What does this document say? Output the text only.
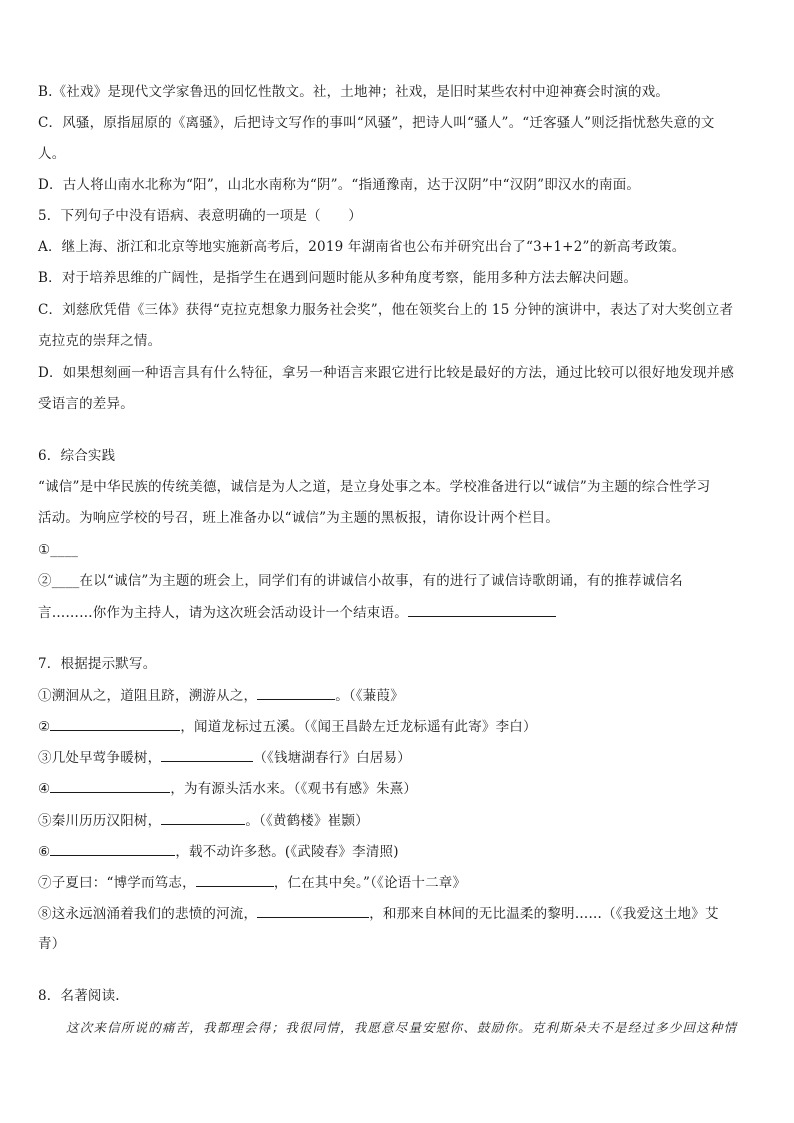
B.《社戏》是现代文学家鲁迅的回忆性散文。社，土地神；社戏，是旧时某些农村中迎神赛会时演的戏。
C．风骚，原指屈原的《离骚》，后把诗文写作的事叫“风骚”，把诗人叫“骚人”。“迁客骚人”则泛指忧愁失意的文
人。
D．古人将山南水北称为“阳”，山北水南称为“阴”。“指通豫南，达于汉阴”中“汉阴”即汉水的南面。
5．下列句子中没有语病、表意明确的一项是（　　）
A．继上海、浙江和北京等地实施新高考后，2019 年湖南省也公布并研究出台了“3+1+2”的新高考政策。
B．对于培养思维的广阔性，是指学生在遇到问题时能从多种角度考察，能用多种方法去解决问题。
C．刘慈欣凭借《三体》获得“克拉克想象力服务社会奖”，他在领奖台上的 15 分钟的演讲中，表达了对大奖创立者
克拉克的崇拜之情。
D．如果想刻画一种语言具有什么特征，拿另一种语言来跟它进行比较是最好的方法，通过比较可以很好地发现并感
受语言的差异。
6．综合实践
“诚信”是中华民族的传统美德，诚信是为人之道，是立身处事之本。学校准备进行以“诚信”为主题的综合性学习
活动。为响应学校的号召，班上准备办以“诚信”为主题的黑板报，请你设计两个栏目。
①____
②____在以“诚信”为主题的班会上，同学们有的讲诚信小故事，有的进行了诚信诗歌朗诵，有的推荐诚信名
言………你作为主持人，请为这次班会活动设计一个结束语。
7．根据提示默写。
①溯洄从之，道阻且跻，溯游从之，	。（《蒹葭》
②	，闻道龙标过五溪。（《闻王昌龄左迁龙标遥有此寄》李白）
③几处早莺争暖树，	（《钱塘湖春行》白居易）
④	，为有源头活水来。（《观书有感》朱熹）
⑤秦川历历汉阳树，	。（《黄鹤楼》崔颢）
⑥	，载不动许多愁。(《武陵春》李清照)
⑦子夏曰：“博学而笃志，	，仁在其中矣。”（《论语十二章》
⑧这永远汹涌着我们的悲愤的河流，	，和那来自林间的无比温柔的黎明……（《我爱这土地》艾
青）
8．名著阅读.
这次来信所说的痛苦，我都理会得；我很同情，我愿意尽量安慰你、鼓励你。克利斯朵夫不是经过多少回这种情
